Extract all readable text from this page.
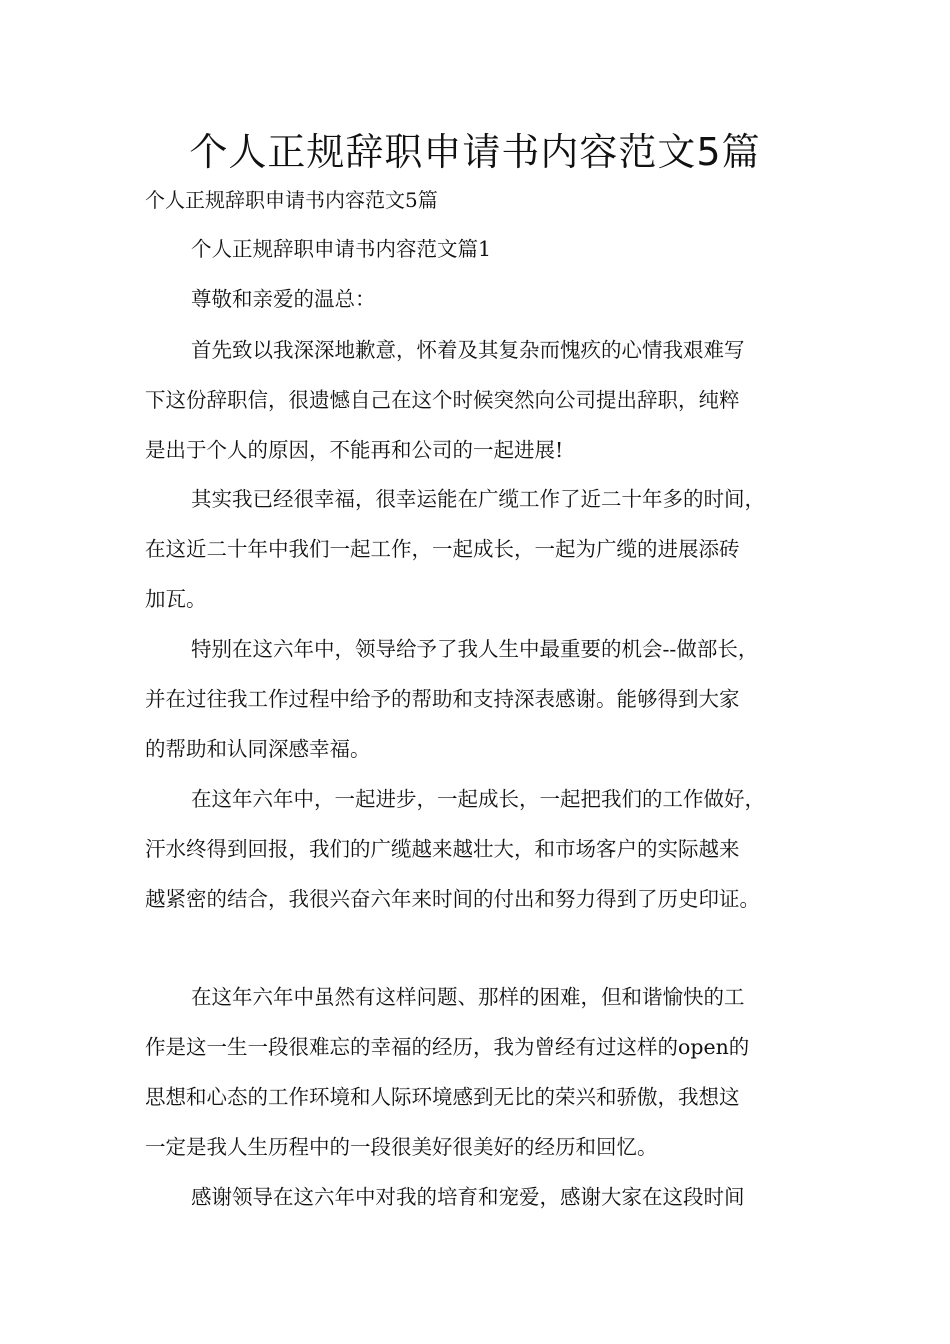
个人正规辞职申请书内容范文5篇

个人正规辞职申请书内容范文5篇

个人正规辞职申请书内容范文篇1

尊敬和亲爱的温总：

首先致以我深深地歉意，怀着及其复杂而愧疚的心情我艰难写
下这份辞职信，很遗憾自己在这个时候突然向公司提出辞职，纯粹
是出于个人的原因，不能再和公司的一起进展!

其实我已经很幸福，很幸运能在广缆工作了近二十年多的时间，
在这近二十年中我们一起工作，一起成长，一起为广缆的进展添砖
加瓦。

特别在这六年中，领导给予了我人生中最重要的机会--做部长，
并在过往我工作过程中给予的帮助和支持深表感谢。能够得到大家
的帮助和认同深感幸福。

在这年六年中，一起进步，一起成长，一起把我们的工作做好，
汗水终得到回报，我们的广缆越来越壮大，和市场客户的实际越来
越紧密的结合，我很兴奋六年来时间的付出和努力得到了历史印证。

在这年六年中虽然有这样问题、那样的困难，但和谐愉快的工
作是这一生一段很难忘的幸福的经历，我为曾经有过这样的open的
思想和心态的工作环境和人际环境感到无比的荣兴和骄傲，我想这
一定是我人生历程中的一段很美好很美好的经历和回忆。

感谢领导在这六年中对我的培育和宠爱，感谢大家在这段时间
